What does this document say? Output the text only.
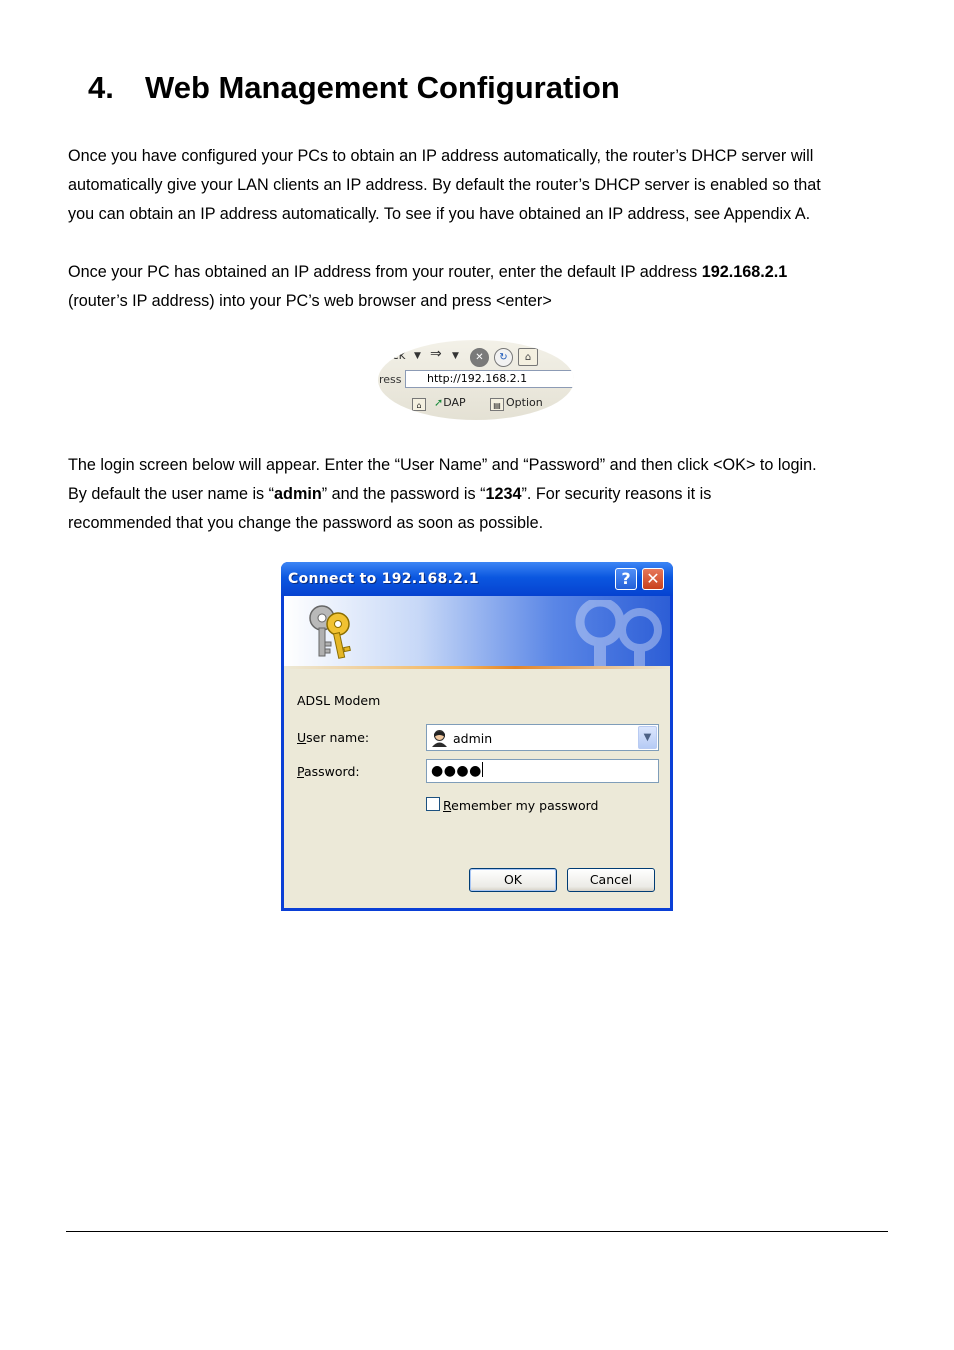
4. Web Management Configuration
Once you have configured your PCs to obtain an IP address automatically, the router’s DHCP server will
automatically give your LAN clients an IP address. By default the router’s DHCP server is enabled so that
you can obtain an IP address automatically. To see if you have obtained an IP address, see Appendix A.
Once your PC has obtained an IP address from your router, enter the default IP address 192.168.2.1
(router’s IP address) into your PC’s web browser and press <enter>
ck ▼ ⇒ ▼	✕	↻	⌂
ress	http://192.168.2.1
⌂	➚DAP	▤ Option
The login screen below will appear. Enter the “User Name” and “Password” and then click <OK> to login.
By default the user name is “admin” and the password is “1234”. For security reasons it is
recommended that you change the password as soon as possible.
Connect to 192.168.2.1	? ✕
ADSL Modem
User name:	admin	▼
Password:	●●●●
Remember my password
OK	Cancel
